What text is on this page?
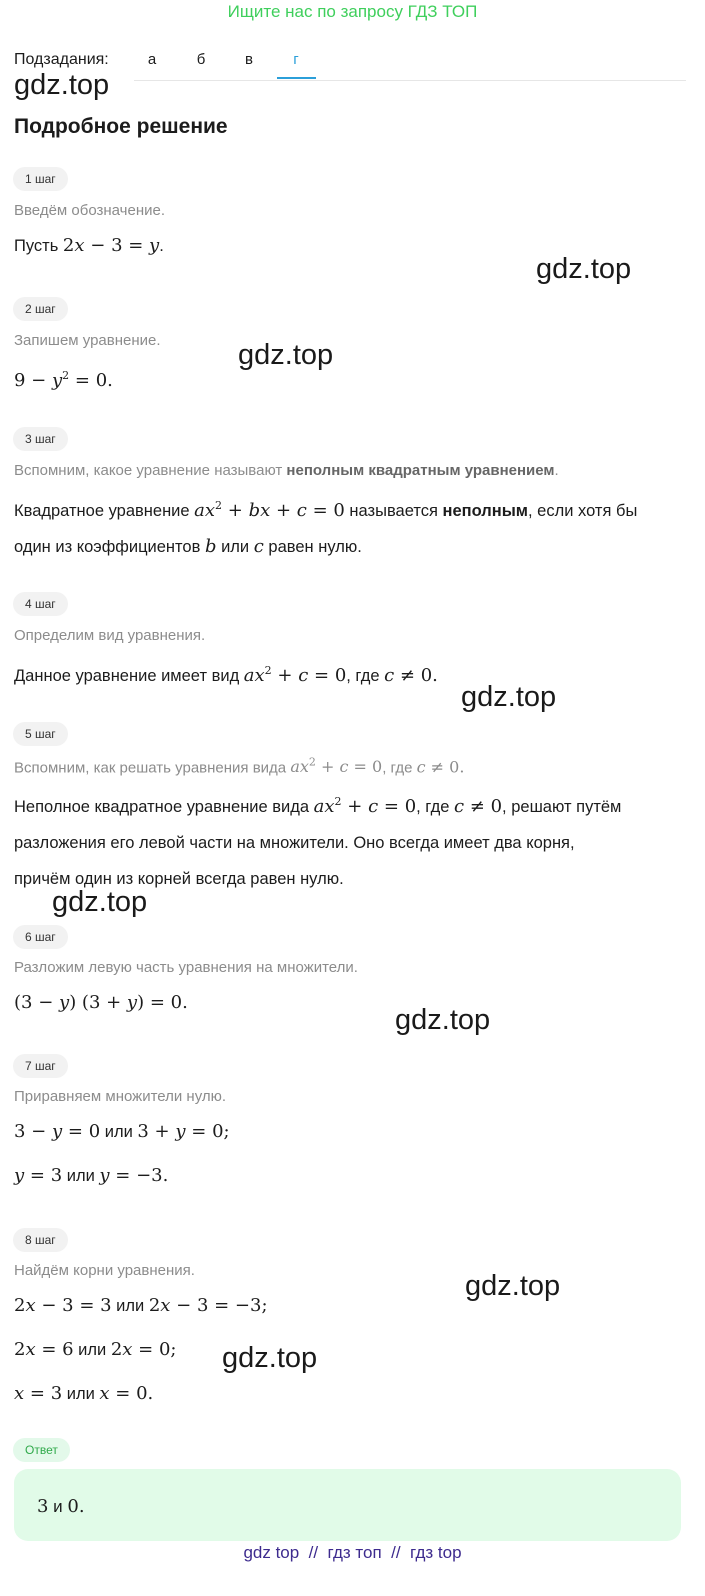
Ищите нас по запросу ГДЗ ТОП
Подзадания:	а	б	в	г
gdz.top
Подробное решение
1 шаг
Введём обозначение.
Пусть 2x − 3 = y.
gdz.top
2 шаг
Запишем уравнение.	gdz.top
$9 - y^2 = 0$.
3 шаг
Вспомним, какое уравнение называют неполным квадратным уравнением.
Квадратное уравнение $ax^2$ + bx + c = 0 называется неполным, если хотя бы
один из коэффициентов b или c равен нулю.
4 шаг
Определим вид уравнения.
Данное уравнение имеет вид $ax^2 + c = 0$, где c ≠ 0.
gdz.top
5 шаг
Вспомним, как решать уравнения вида $ax^2 + c = 0$, где c ≠ 0.
Неполное квадратное уравнение вида $ax^2 + c = 0$, где c ≠ 0, решают путём
разложения его левой части на множители. Оно всегда имеет два корня,
причём один из корней всегда равен нулю.
gdz.top
6 шаг
Разложим левую часть уравнения на множители.
(3 − y) (3 + y) = 0.
gdz.top
7 шаг
Приравняем множители нулю.
3 − y = 0 или 3 + y = 0;
y = 3 или y = −3.
8 шаг
Найдём корни уравнения.	gdz.top
2x − 3 = 3 или 2x − 3 = −3;
2x = 6 или 2x = 0;
x = 3 или x = 0.
gdz.top
Ответ
3 и 0.
gdz top  //  гдз топ  //  гдз top
